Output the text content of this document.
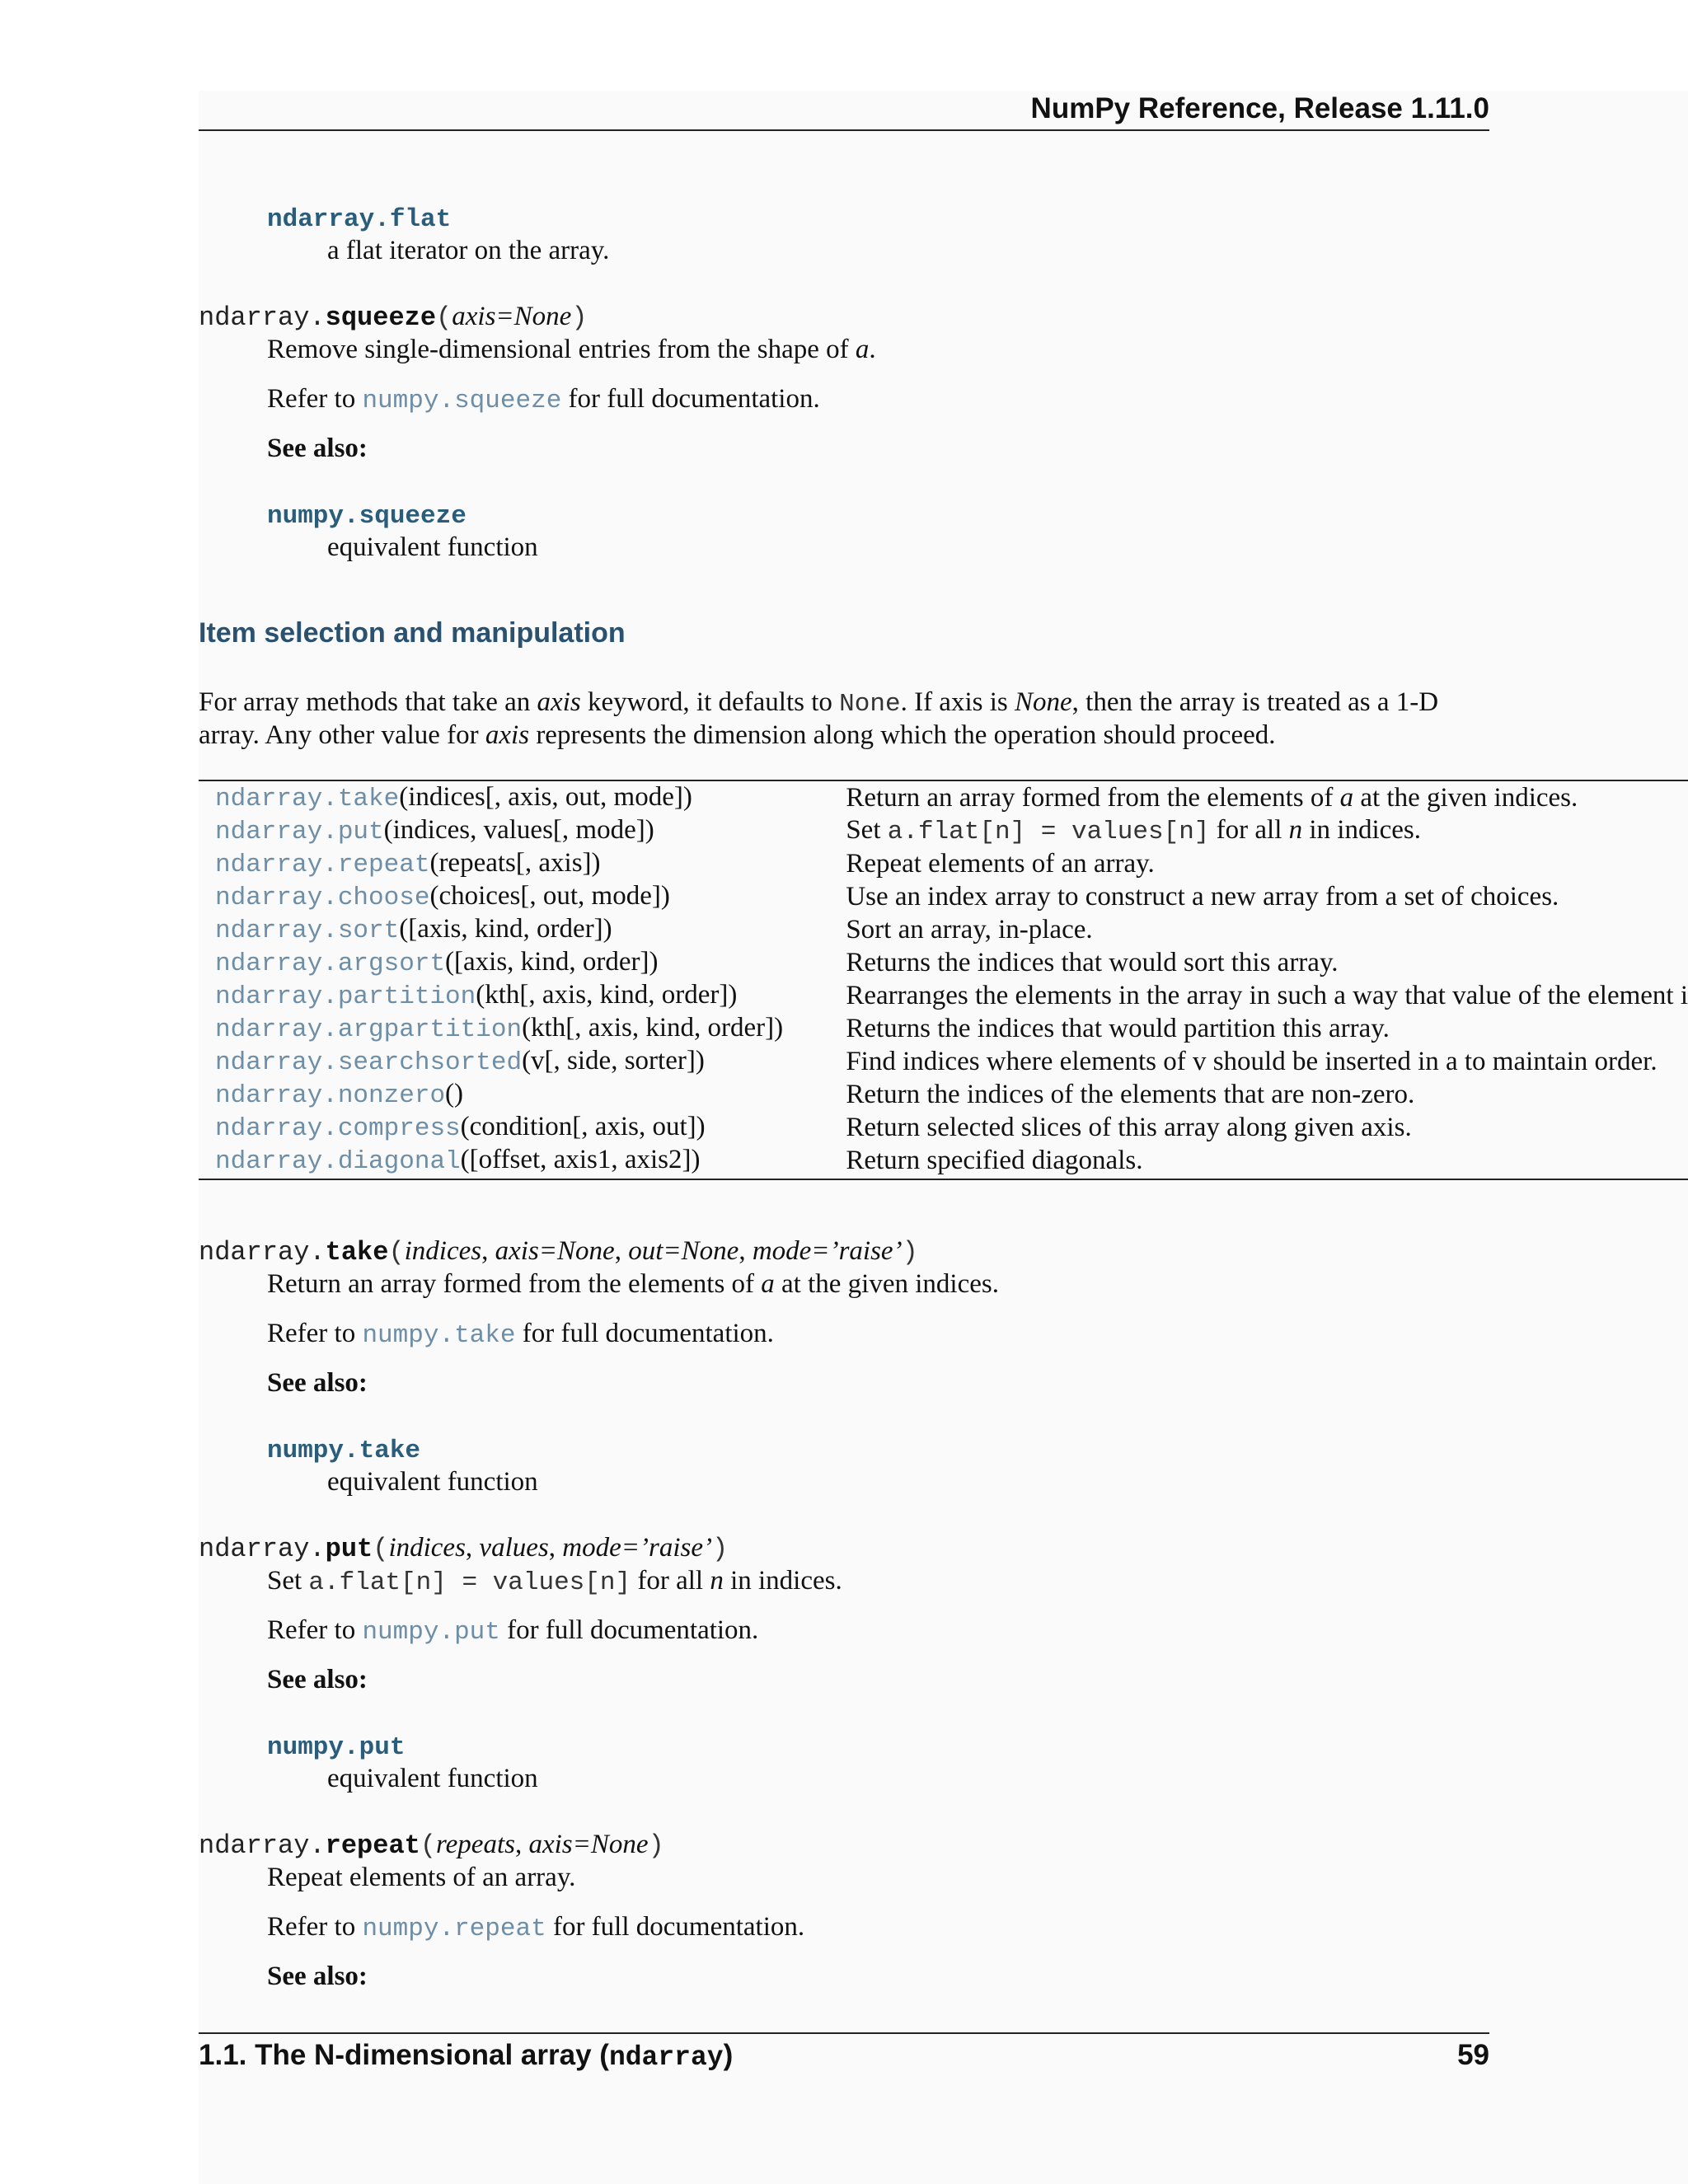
NumPy Reference, Release 1.11.0
ndarray.flat
a flat iterator on the array.
ndarray.squeeze(axis=None)
Remove single-dimensional entries from the shape of a.
Refer to numpy.squeeze for full documentation.
See also:
numpy.squeeze
equivalent function
Item selection and manipulation
For array methods that take an axis keyword, it defaults to None. If axis is None, then the array is treated as a 1-D
array. Any other value for axis represents the dimension along which the operation should proceed.
ndarray.take(indices[, axis, out, mode])	Return an array formed from the elements of a at the given indices.
ndarray.put(indices, values[, mode])	Set a.flat[n] = values[n] for all n in indices.
ndarray.repeat(repeats[, axis])	Repeat elements of an array.
ndarray.choose(choices[, out, mode])	Use an index array to construct a new array from a set of choices.
ndarray.sort([axis, kind, order])	Sort an array, in-place.
ndarray.argsort([axis, kind, order])	Returns the indices that would sort this array.
ndarray.partition(kth[, axis, kind, order])	Rearranges the elements in the array in such a way that value of the element i
ndarray.argpartition(kth[, axis, kind, order])	Returns the indices that would partition this array.
ndarray.searchsorted(v[, side, sorter])	Find indices where elements of v should be inserted in a to maintain order.
ndarray.nonzero()	Return the indices of the elements that are non-zero.
ndarray.compress(condition[, axis, out])	Return selected slices of this array along given axis.
ndarray.diagonal([offset, axis1, axis2])	Return specified diagonals.
ndarray.take(indices, axis=None, out=None, mode=’raise’)
Return an array formed from the elements of a at the given indices.
Refer to numpy.take for full documentation.
See also:
numpy.take
equivalent function
ndarray.put(indices, values, mode=’raise’)
Set a.flat[n] = values[n] for all n in indices.
Refer to numpy.put for full documentation.
See also:
numpy.put
equivalent function
ndarray.repeat(repeats, axis=None)
Repeat elements of an array.
Refer to numpy.repeat for full documentation.
See also:
1.1. The N-dimensional array (ndarray)	59
